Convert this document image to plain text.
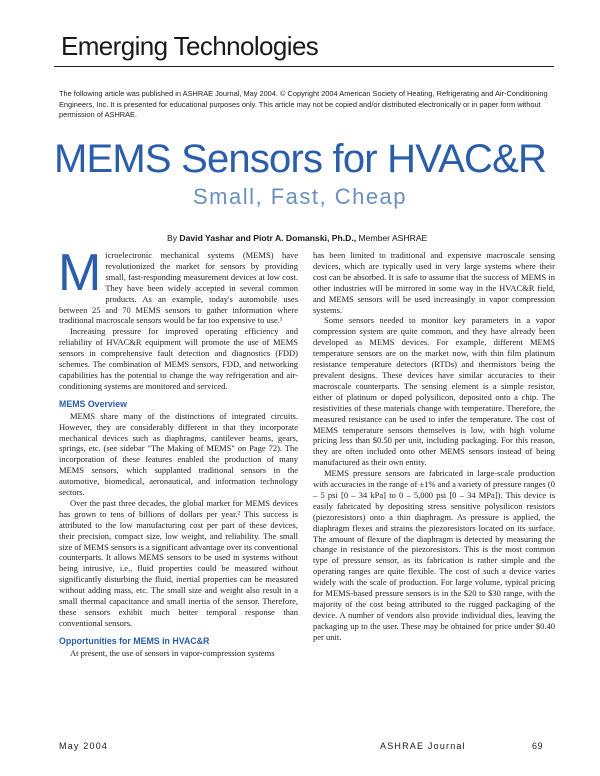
Emerging Technologies
The following article was published in ASHRAE Journal, May 2004. © Copyright 2004 American Society of Heating, Refrigerating and Air-Conditioning Engineers, Inc. It is presented for educational purposes only. This article may not be copied and/or distributed electronically or in paper form without permission of ASHRAE.
MEMS Sensors for HVAC&R
Small, Fast, Cheap
By David Yashar and Piotr A. Domanski, Ph.D., Member ASHRAE

Microelectronic mechanical systems (MEMS) have revolutionized the market for sensors by providing small, fast-responding measurement devices at low cost. They have been widely accepted in several common products. As an example, today's automobile uses between 25 and 70 MEMS sensors to gather information where traditional macroscale sensors would be far too expensive to use.¹

Increasing pressure for improved operating efficiency and reliability of HVAC&R equipment will promote the use of MEMS sensors in comprehensive fault detection and diagnostics (FDD) schemes. The combination of MEMS sensors, FDD, and networking capabilities has the potential to change the way refrigeration and air-conditioning systems are monitored and serviced.

MEMS Overview

MEMS share many of the distinctions of integrated circuits. However, they are considerably different in that they incorporate mechanical devices such as diaphragms, cantilever beams, gears, springs, etc. (see sidebar "The Making of MEMS" on Page 72). The incorporation of these features enabled the production of many MEMS sensors, which supplanted traditional sensors in the automotive, biomedical, aeronautical, and information technology sectors.

Over the past three decades, the global market for MEMS devices has grown to tens of billions of dollars per year.² This success is attributed to the low manufacturing cost per part of these devices, their precision, compact size, low weight, and reliability. The small size of MEMS sensors is a significant advantage over its conventional counterparts. It allows MEMS sensors to be used in systems without being intrusive, i.e., fluid properties could be measured without significantly disturbing the fluid, inertial properties can be measured without adding mass, etc. The small size and weight also result in a small thermal capacitance and small inertia of the sensor. Therefore, these sensors exhibit much better temporal response than conventional sensors.

Opportunities for MEMS in HVAC&R

At present, the use of sensors in vapor-compression systems

has been limited to traditional and expensive macroscale sensing devices, which are typically used in very large systems where their cost can be absorbed. It is safe to assume that the success of MEMS in other industries will be mirrored in some way in the HVAC&R field, and MEMS sensors will be used increasingly in vapor compression systems.

Some sensors needed to monitor key parameters in a vapor compression system are quite common, and they have already been developed as MEMS devices. For example, different MEMS temperature sensors are on the market now, with thin film platinum resistance temperature detectors (RTDs) and thermistors being the prevalent designs. These devices have similar accuracies to their macroscale counterparts. The sensing element is a simple resistor, either of platinum or doped polysilicon, deposited onto a chip. The resistivities of these materials change with temperature. Therefore, the measured resistance can be used to infer the temperature. The cost of MEMS temperature sensors themselves is low, with high volume pricing less than $0.50 per unit, including packaging. For this reason, they are often included onto other MEMS sensors instead of being manufactured as their own entity.

MEMS pressure sensors are fabricated in large-scale production with accuracies in the range of ±1% and a variety of pressure ranges (0 – 5 psi [0 – 34 kPa] to 0 – 5,000 psi [0 – 34 MPa]). This device is easily fabricated by depositing stress sensitive polysilicon resistors (piezoresistors) onto a thin diaphragm. As pressure is applied, the diaphragm flexes and strains the piezoresistors located on its surface. The amount of flexure of the diaphragm is detected by measuring the change in resistance of the piezoresistors. This is the most common type of pressure sensor, as its fabrication is rather simple and the operating ranges are quite flexible. The cost of such a device varies widely with the scale of production. For large volume, typical pricing for MEMS-based pressure sensors is in the $20 to $30 range, with the majority of the cost being attributed to the rugged packaging of the device. A number of vendors also provide individual dies, leaving the packaging up to the user. These may be obtained for price under $0.40 per unit.

May 2004	ASHRAE Journal	69
